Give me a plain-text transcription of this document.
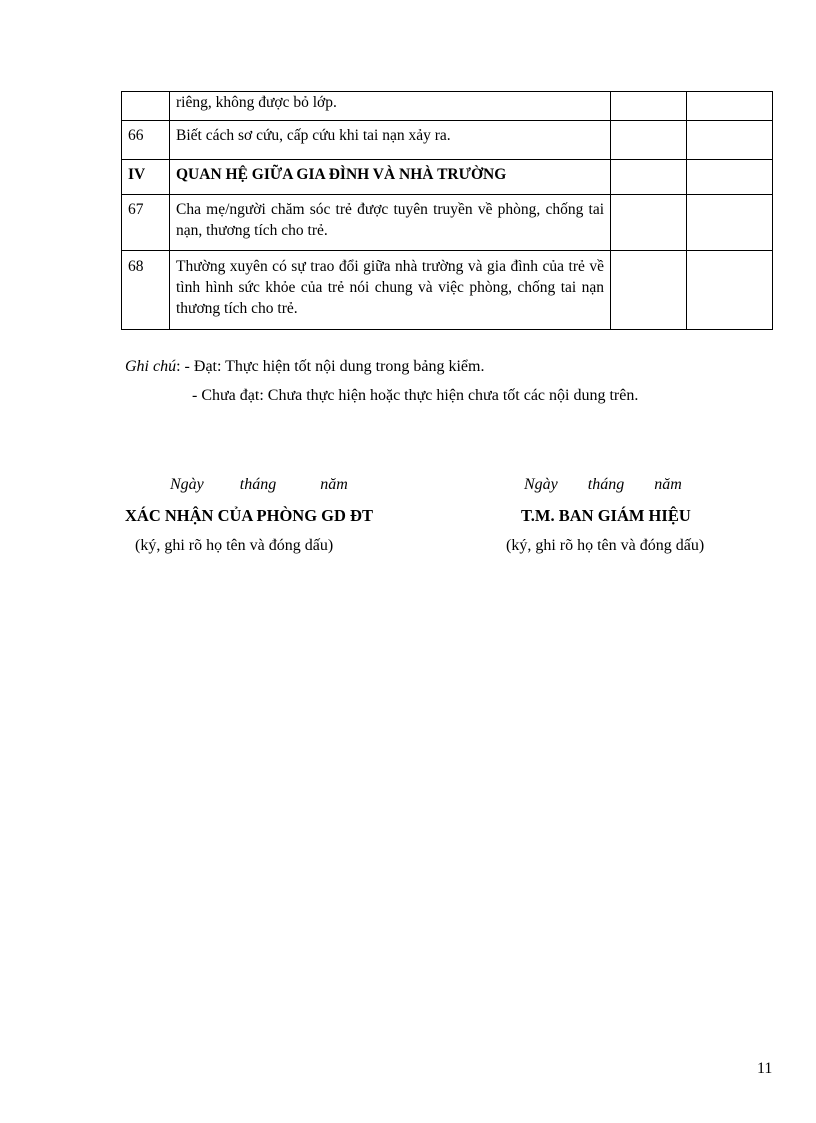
	riêng, không được bỏ lớp.		
66	Biết cách sơ cứu, cấp cứu khi tai nạn xảy ra.		
IV	QUAN HỆ GIỮA GIA ĐÌNH VÀ NHÀ TRƯỜNG		
67	Cha mẹ/người chăm sóc trẻ được tuyên truyền về phòng, chống tai nạn, thương tích cho trẻ.		
68	Thường xuyên có sự trao đổi giữa nhà trường và gia đình của trẻ về tình hình sức khỏe của trẻ nói chung và việc phòng, chống tai nạn thương tích cho trẻ.		
Ghi chú: - Đạt: Thực hiện tốt nội dung trong bảng kiểm.
- Chưa đạt: Chưa thực hiện hoặc thực hiện chưa tốt các nội dung trên.
Ngày tháng	năm	Ngày tháng năm
XÁC NHẬN CỦA PHÒNG GD ĐT	T.M. BAN GIÁM HIỆU
(ký, ghi rõ họ tên và đóng dấu)	(ký, ghi rõ họ tên và đóng dấu)
11
